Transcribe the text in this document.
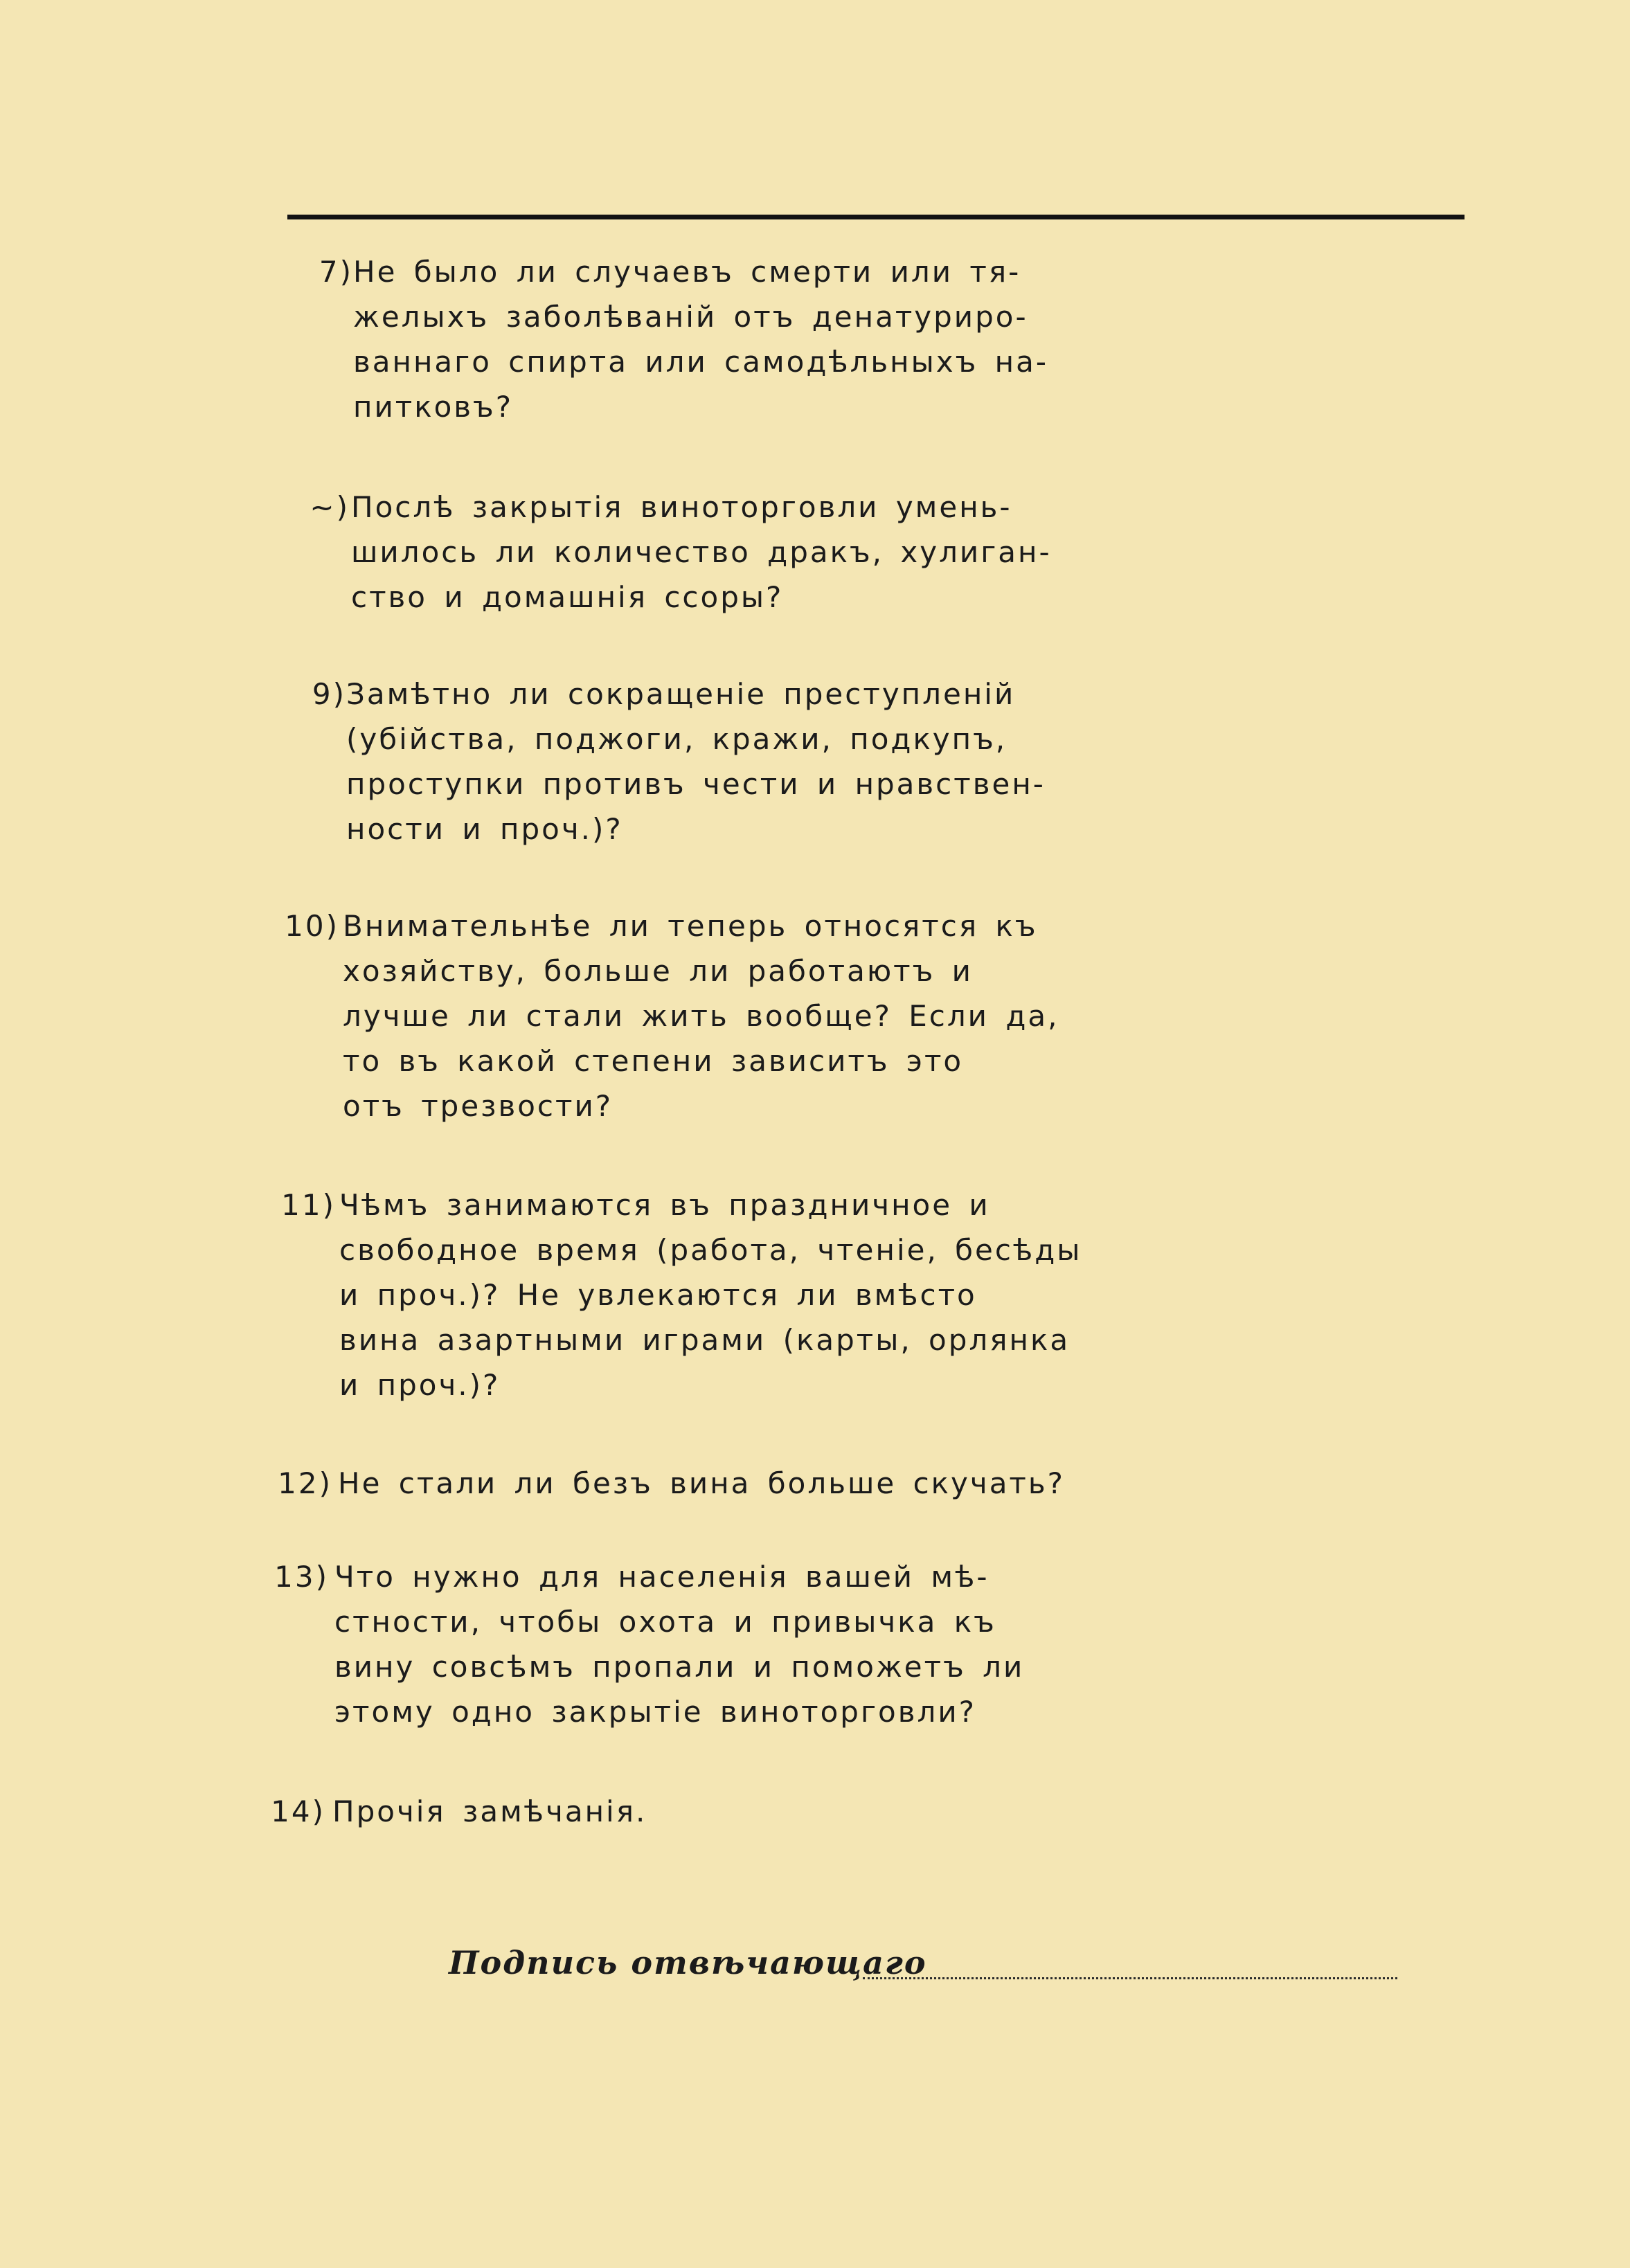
7) Не было ли случаевъ смерти или тя-
желыхъ заболѣваній отъ денатуриро-
ваннаго спирта или самодѣльныхъ на-
питковъ?
~) Послѣ закрытія виноторговли умень-
шилось ли количество дракъ, хулиган-
ство и домашнія ссоры?
9) Замѣтно ли сокращеніе преступленій
(убійства, поджоги, кражи, подкупъ,
проступки противъ чести и нравствен-
ности и проч.)?
10) Внимательнѣе ли теперь относятся къ
хозяйству, больше ли работаютъ и
лучше ли стали жить вообще? Если да,
то въ какой степени зависитъ это
отъ трезвости?
11) Чѣмъ занимаются въ праздничное и
свободное время (работа, чтеніе, бесѣды
и проч.)? Не увлекаются ли вмѣсто
вина азартными играми (карты, орлянка
и проч.)?
12) Не стали ли безъ вина больше скучать?
13) Что нужно для населенія вашей мѣ-
стности, чтобы охота и привычка къ
вину совсѣмъ пропали и поможетъ ли
этому одно закрытіе виноторговли?
14) Прочія замѣчанія.
Подпись отвѣчающаго
